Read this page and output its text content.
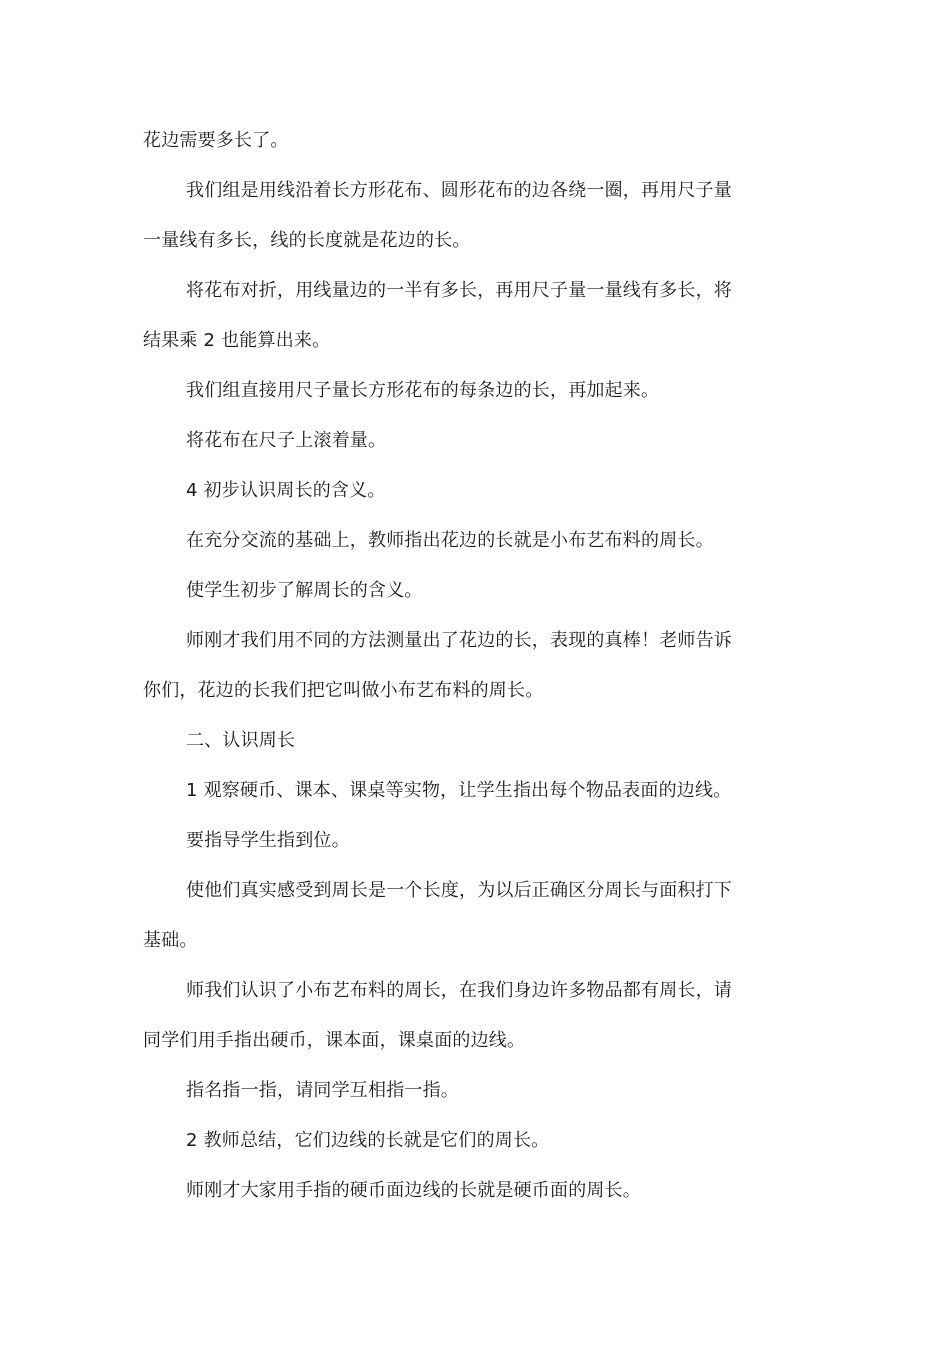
花边需要多长了。
我们组是用线沿着长方形花布、圆形花布的边各绕一圈，再用尺子量
一量线有多长，线的长度就是花边的长。
将花布对折，用线量边的一半有多长，再用尺子量一量线有多长，将
结果乘 2 也能算出来。
我们组直接用尺子量长方形花布的每条边的长，再加起来。
将花布在尺子上滚着量。
4 初步认识周长的含义。
在充分交流的基础上，教师指出花边的长就是小布艺布料的周长。
使学生初步了解周长的含义。
师刚才我们用不同的方法测量出了花边的长，表现的真棒！老师告诉
你们，花边的长我们把它叫做小布艺布料的周长。
二、认识周长
1 观察硬币、课本、课桌等实物，让学生指出每个物品表面的边线。
要指导学生指到位。
使他们真实感受到周长是一个长度，为以后正确区分周长与面积打下
基础。
师我们认识了小布艺布料的周长，在我们身边许多物品都有周长，请
同学们用手指出硬币，课本面，课桌面的边线。
指名指一指，请同学互相指一指。
2 教师总结，它们边线的长就是它们的周长。
师刚才大家用手指的硬币面边线的长就是硬币面的周长。
